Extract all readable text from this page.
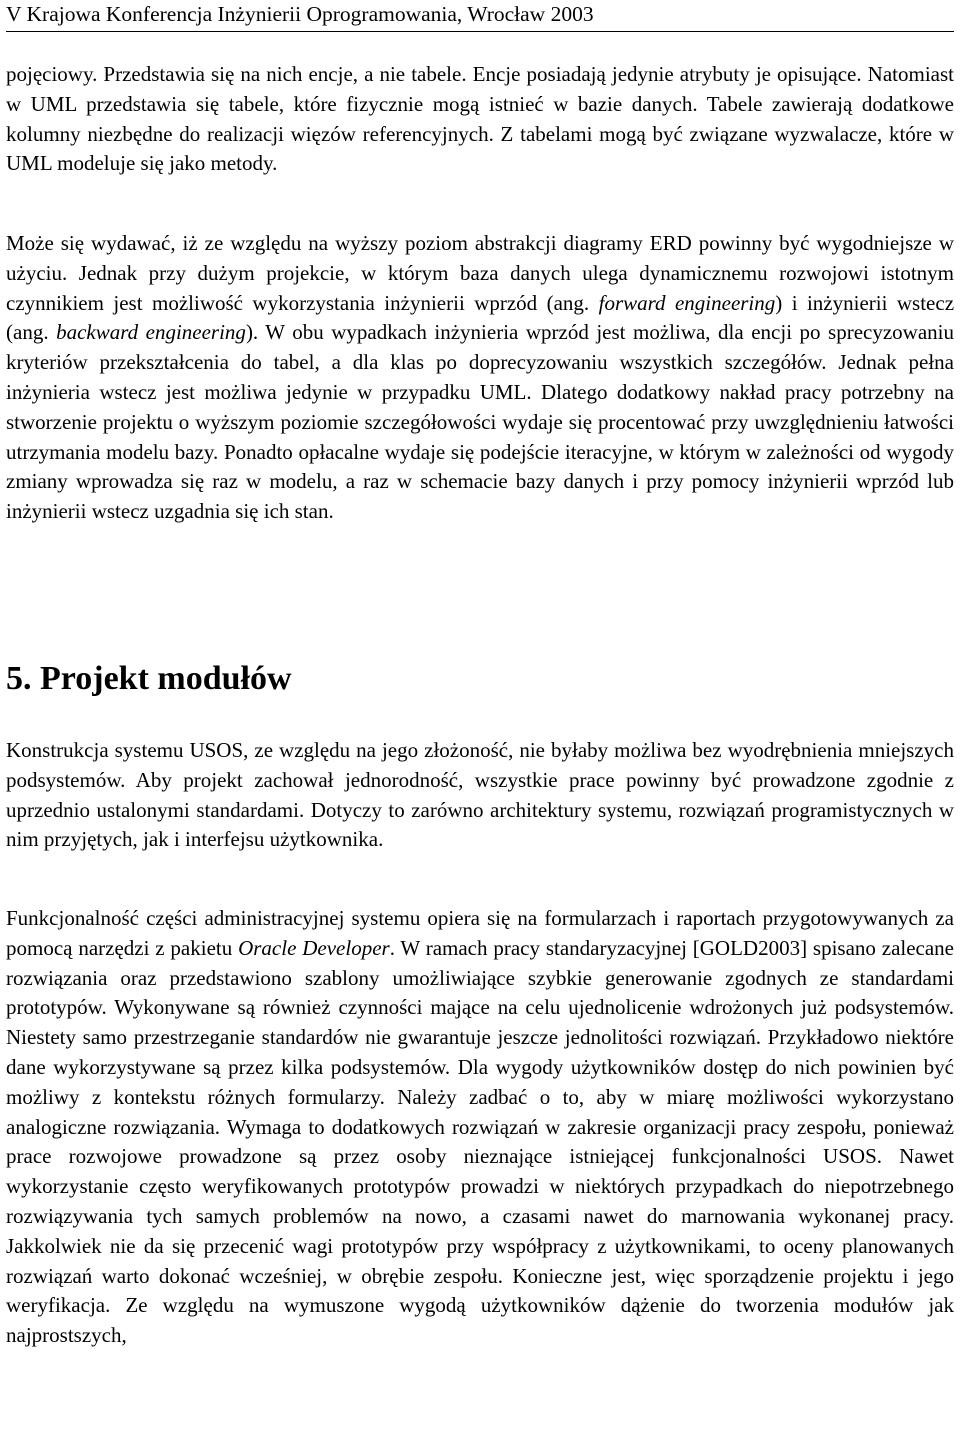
V Krajowa Konferencja Inżynierii Oprogramowania, Wrocław 2003

pojęciowy. Przedstawia się na nich encje, a nie tabele. Encje posiadają jedynie atrybuty je opisujące. Natomiast w UML przedstawia się tabele, które fizycznie mogą istnieć w bazie danych. Tabele zawierają dodatkowe kolumny niezbędne do realizacji więzów referencyjnych. Z tabelami mogą być związane wyzwalacze, które w UML modeluje się jako metody.

Może się wydawać, iż ze względu na wyższy poziom abstrakcji diagramy ERD powinny być wygodniejsze w użyciu. Jednak przy dużym projekcie, w którym baza danych ulega dynamicznemu rozwojowi istotnym czynnikiem jest możliwość wykorzystania inżynierii wprzód (ang. forward engineering) i inżynierii wstecz (ang. backward engineering). W obu wypadkach inżynieria wprzód jest możliwa, dla encji po sprecyzowaniu kryteriów przekształcenia do tabel, a dla klas po doprecyzowaniu wszystkich szczegółów. Jednak pełna inżynieria wstecz jest możliwa jedynie w przypadku UML. Dlatego dodatkowy nakład pracy potrzebny na stworzenie projektu o wyższym poziomie szczegółowości wydaje się procentować przy uwzględnieniu łatwości utrzymania modelu bazy. Ponadto opłacalne wydaje się podejście iteracyjne, w którym w zależności od wygody zmiany wprowadza się raz w modelu, a raz w schemacie bazy danych i przy pomocy inżynierii wprzód lub inżynierii wstecz uzgadnia się ich stan.

5. Projekt modułów

Konstrukcja systemu USOS, ze względu na jego złożoność, nie byłaby możliwa bez wyodrębnienia mniejszych podsystemów. Aby projekt zachował jednorodność, wszystkie prace powinny być prowadzone zgodnie z uprzednio ustalonymi standardami. Dotyczy to zarówno architektury systemu, rozwiązań programistycznych w nim przyjętych, jak i interfejsu użytkownika.

Funkcjonalność części administracyjnej systemu opiera się na formularzach i raportach przygotowywanych za pomocą narzędzi z pakietu Oracle Developer. W ramach pracy standaryzacyjnej [GOLD2003] spisano zalecane rozwiązania oraz przedstawiono szablony umożliwiające szybkie generowanie zgodnych ze standardami prototypów. Wykonywane są również czynności mające na celu ujednolicenie wdrożonych już podsystemów. Niestety samo przestrzeganie standardów nie gwarantuje jeszcze jednolitości rozwiązań. Przykładowo niektóre dane wykorzystywane są przez kilka podsystemów. Dla wygody użytkowników dostęp do nich powinien być możliwy z kontekstu różnych formularzy. Należy zadbać o to, aby w miarę możliwości wykorzystano analogiczne rozwiązania. Wymaga to dodatkowych rozwiązań w zakresie organizacji pracy zespołu, ponieważ prace rozwojowe prowadzone są przez osoby nieznające istniejącej funkcjonalności USOS. Nawet wykorzystanie często weryfikowanych prototypów prowadzi w niektórych przypadkach do niepotrzebnego rozwiązywania tych samych problemów na nowo, a czasami nawet do marnowania wykonanej pracy. Jakkolwiek nie da się przecenić wagi prototypów przy współpracy z użytkownikami, to oceny planowanych rozwiązań warto dokonać wcześniej, w obrębie zespołu. Konieczne jest, więc sporządzenie projektu i jego weryfikacja. Ze względu na wymuszone wygodą użytkowników dążenie do tworzenia modułów jak najprostszych,
